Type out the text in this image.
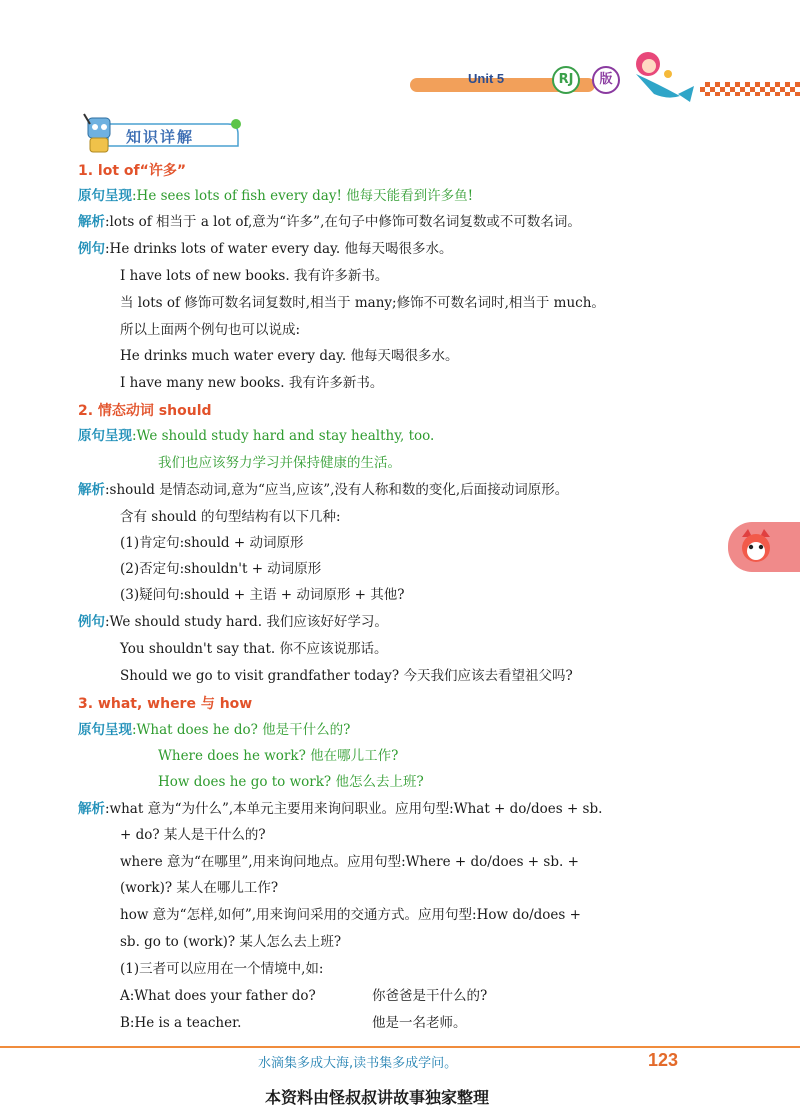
Unit 5	RJ	版
知识详解
1. lot of“许多”
原句呈现:He sees lots of fish every day! 他每天能看到许多鱼!
解析:lots of 相当于 a lot of,意为“许多”,在句子中修饰可数名词复数或不可数名词。
例句:He drinks lots of water every day. 他每天喝很多水。
I have lots of new books. 我有许多新书。
当 lots of 修饰可数名词复数时,相当于 many;修饰不可数名词时,相当于 much。
所以上面两个例句也可以说成:
He drinks much water every day. 他每天喝很多水。
I have many new books. 我有许多新书。
2. 情态动词 should
原句呈现:We should study hard and stay healthy, too.
我们也应该努力学习并保持健康的生活。
解析:should 是情态动词,意为“应当,应该”,没有人称和数的变化,后面接动词原形。
含有 should 的句型结构有以下几种:
(1)肯定句:should + 动词原形
(2)否定句:shouldn't + 动词原形
(3)疑问句:should + 主语 + 动词原形 + 其他?
例句:We should study hard. 我们应该好好学习。
You shouldn't say that. 你不应该说那话。
Should we go to visit grandfather today? 今天我们应该去看望祖父吗?
3. what, where 与 how
原句呈现:What does he do? 他是干什么的?
Where does he work? 他在哪儿工作?
How does he go to work? 他怎么去上班?
解析:what 意为“为什么”,本单元主要用来询问职业。应用句型:What + do/does + sb.
+ do? 某人是干什么的?
where 意为“在哪里”,用来询问地点。应用句型:Where + do/does + sb. +
(work)? 某人在哪儿工作?
how 意为“怎样,如何”,用来询问采用的交通方式。应用句型:How do/does +
sb. go to (work)? 某人怎么去上班?
(1)三者可以应用在一个情境中,如:
A:What does your father do?	你爸爸是干什么的?
B:He is a teacher.	他是一名老师。
水滴集多成大海,读书集多成学问。	123
本资料由怪叔叔讲故事独家整理
